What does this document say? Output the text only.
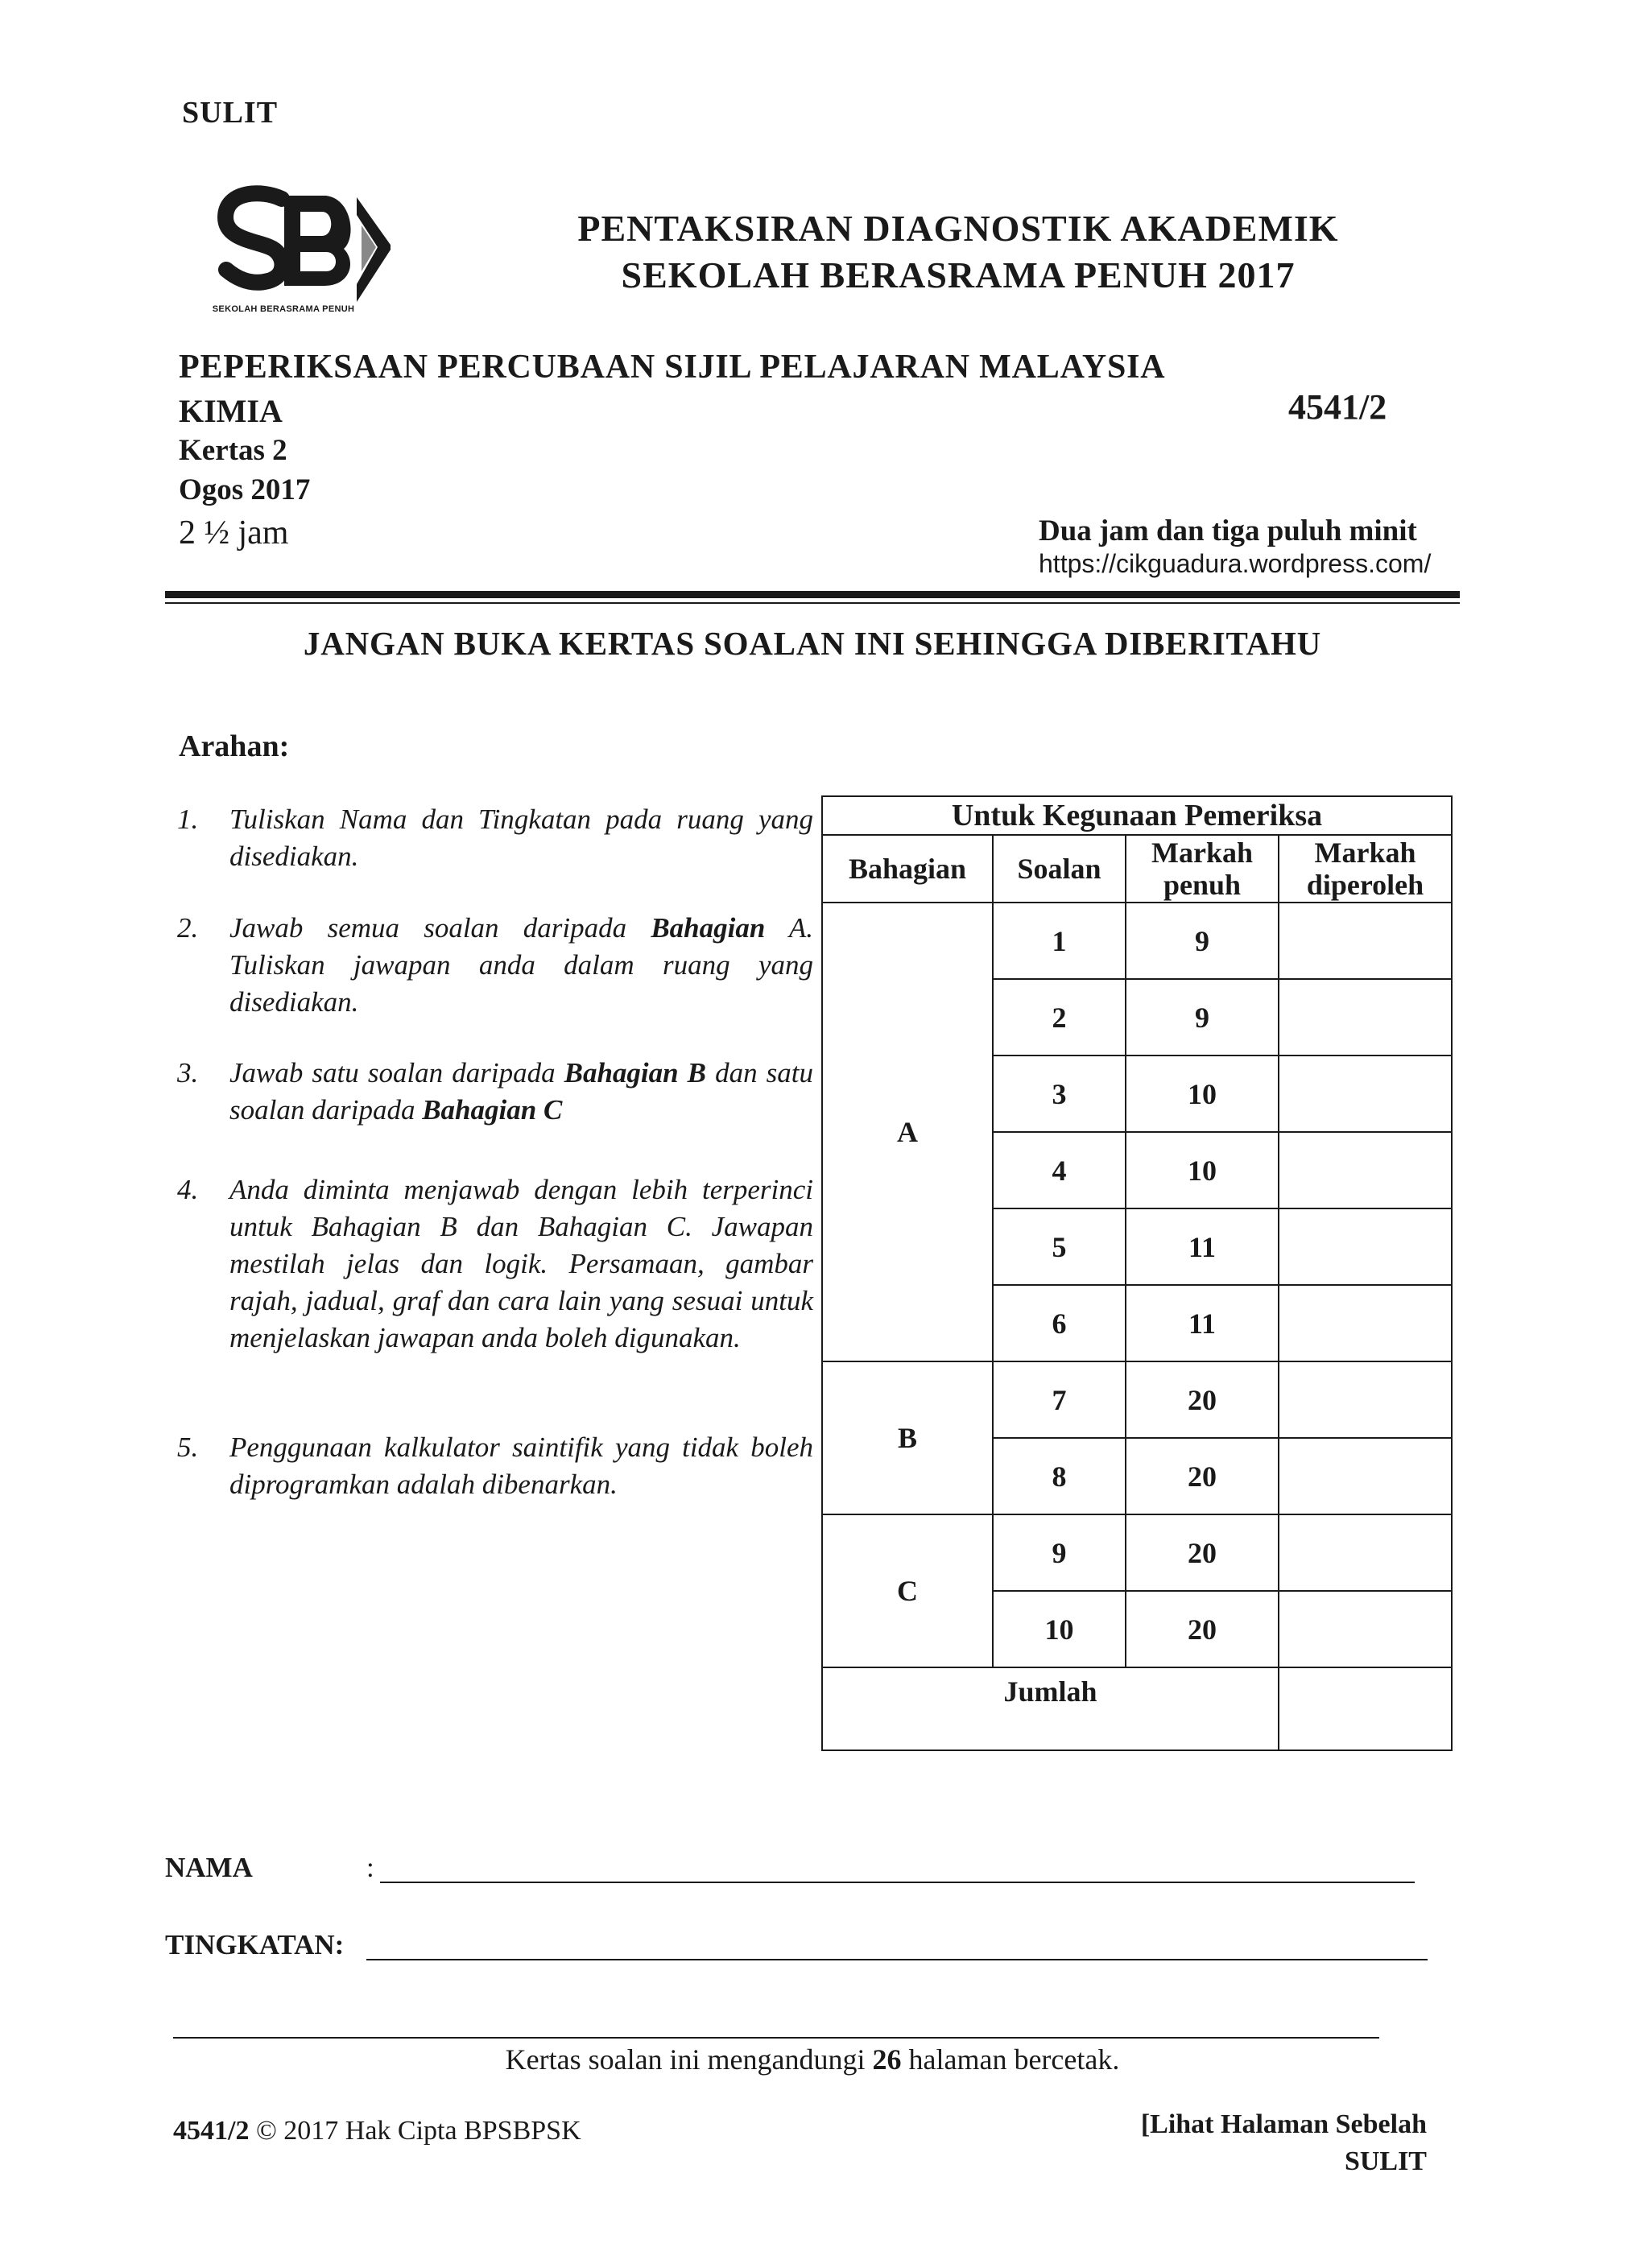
SULIT
SEKOLAH BERASRAMA PENUH
PENTAKSIRAN DIAGNOSTIK AKADEMIK
SEKOLAH BERASRAMA PENUH 2017
PEPERIKSAAN PERCUBAAN SIJIL PELAJARAN MALAYSIA
KIMIA	4541/2
Kertas 2
Ogos 2017
2 ½ jam	Dua jam dan tiga puluh minit
https://cikguadura.wordpress.com/
JANGAN BUKA KERTAS SOALAN INI SEHINGGA DIBERITAHU
Arahan:
1. Tuliskan Nama dan Tingkatan pada ruang yang disediakan.
2. Jawab semua soalan daripada Bahagian A. Tuliskan jawapan anda dalam ruang yang disediakan.
3. Jawab satu soalan daripada Bahagian B dan satu soalan daripada Bahagian C
4. Anda diminta menjawab dengan lebih terperinci untuk Bahagian B dan Bahagian C. Jawapan mestilah jelas dan logik. Persamaan, gambar rajah, jadual, graf dan cara lain yang sesuai untuk menjelaskan jawapan anda boleh digunakan.
5. Penggunaan kalkulator saintifik yang tidak boleh diprogramkan adalah dibenarkan.
Untuk Kegunaan Pemeriksa			
Bahagian	Soalan	Markah penuh	Markah diperoleh
A	1	9	
	2	9	
	3	10	
	4	10	
	5	11	
	6	11	
B	7	20	
	8	20	
C	9	20	
	10	20	
Jumlah			
NAMA	:
TINGKATAN:
Kertas soalan ini mengandungi 26 halaman bercetak.
4541/2 © 2017 Hak Cipta BPSBPSK	[Lihat Halaman Sebelah
SULIT
